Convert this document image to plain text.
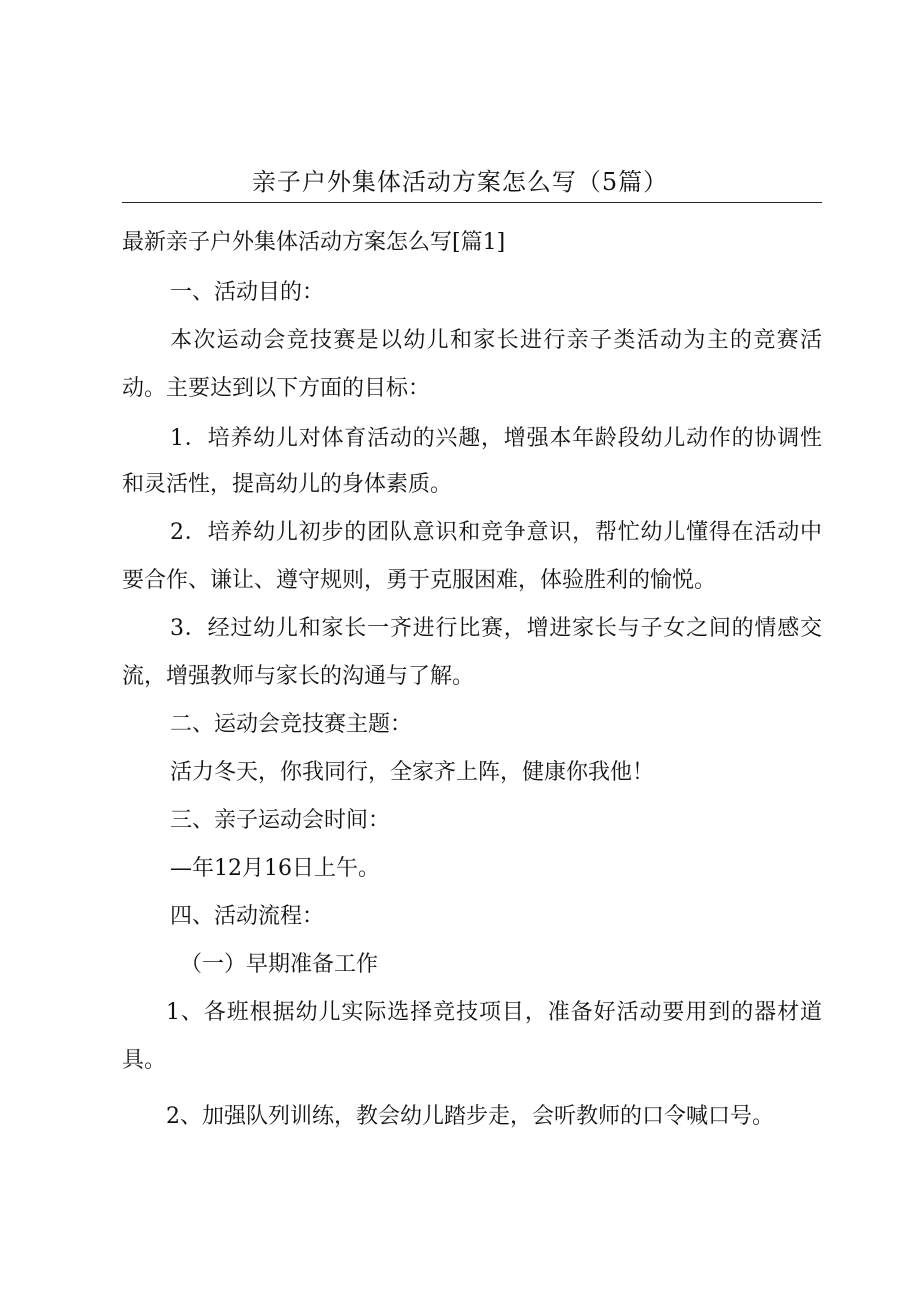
亲子户外集体活动方案怎么写（5篇）
最新亲子户外集体活动方案怎么写[篇1]
一、活动目的：
本次运动会竞技赛是以幼儿和家长进行亲子类活动为主的竞赛活
动。主要达到以下方面的目标：
1．培养幼儿对体育活动的兴趣，增强本年龄段幼儿动作的协调性
和灵活性，提高幼儿的身体素质。
2．培养幼儿初步的团队意识和竞争意识，帮忙幼儿懂得在活动中
要合作、谦让、遵守规则，勇于克服困难，体验胜利的愉悦。
3．经过幼儿和家长一齐进行比赛，增进家长与子女之间的情感交
流，增强教师与家长的沟通与了解。
二、运动会竞技赛主题：
活力冬天，你我同行，全家齐上阵，健康你我他！
三、亲子运动会时间：
—年12月16日上午。
四、活动流程：
（一）早期准备工作
1、各班根据幼儿实际选择竞技项目，准备好活动要用到的器材道
具。
2、加强队列训练，教会幼儿踏步走，会听教师的口令喊口号。
